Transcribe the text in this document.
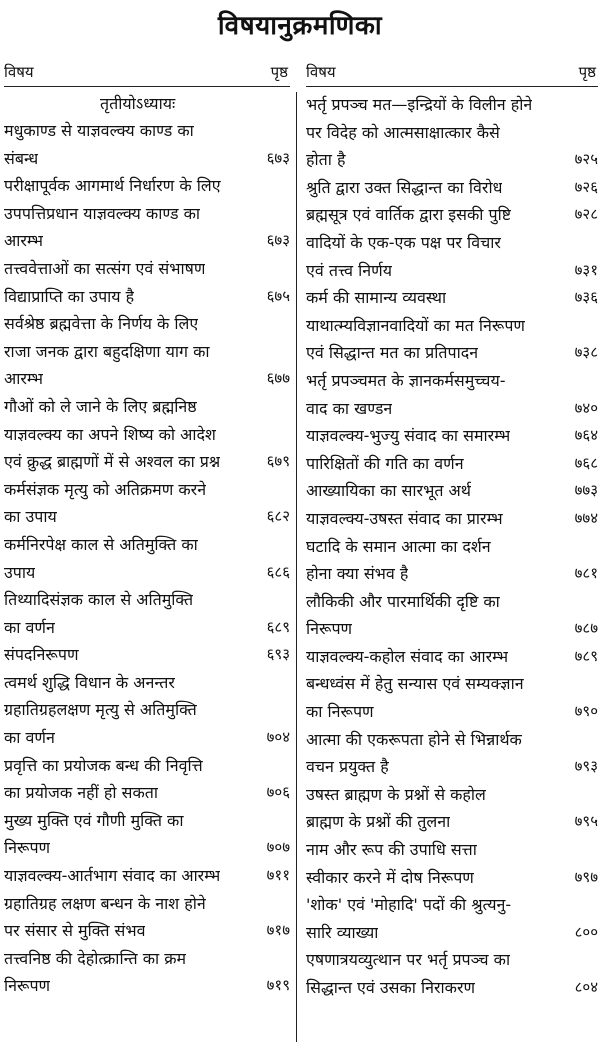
विषयानुक्रमणिका
विषय	पृष्ठ
तृतीयोऽध्यायः
मधुकाण्ड से याज्ञवल्क्य काण्ड का
संबन्ध	६७३
परीक्षापूर्वक आगमार्थ निर्धारण के लिए
उपपत्तिप्रधान याज्ञवल्क्य काण्ड का
आरम्भ	६७३
तत्त्ववेत्ताओं का सत्संग एवं संभाषण
विद्याप्राप्ति का उपाय है	६७५
सर्वश्रेष्ठ ब्रह्मवेत्ता के निर्णय के लिए
राजा जनक द्वारा बहुदक्षिणा याग का
आरम्भ	६७७
गौओं को ले जाने के लिए ब्रह्मनिष्ठ
याज्ञवल्क्य का अपने शिष्य को आदेश
एवं क्रुद्ध ब्राह्मणों में से अश्वल का प्रश्न	६७९
कर्मसंज्ञक मृत्यु को अतिक्रमण करने
का उपाय	६८२
कर्मनिरपेक्ष काल से अतिमुक्ति का
उपाय	६८६
तिथ्यादिसंज्ञक काल से अतिमुक्ति
का वर्णन	६८९
संपदनिरूपण	६९३
त्वमर्थ शुद्धि विधान के अनन्तर
ग्रहातिग्रहलक्षण मृत्यु से अतिमुक्ति
का वर्णन	७०४
प्रवृत्ति का प्रयोजक बन्ध की निवृत्ति
का प्रयोजक नहीं हो सकता	७०६
मुख्य मुक्ति एवं गौणी मुक्ति का
निरूपण	७०७
याज्ञवल्क्य-आर्तभाग संवाद का आरम्भ	७११
ग्रहातिग्रह लक्षण बन्धन के नाश होने
पर संसार से मुक्ति संभव	७१७
तत्त्वनिष्ठ की देहोत्क्रान्ति का क्रम
निरूपण	७१९
विषय	पृष्ठ
भर्तृ प्रपञ्च मत—इन्द्रियों के विलीन होने
पर विदेह को आत्मसाक्षात्कार कैसे
होता है	७२५
श्रुति द्वारा उक्त सिद्धान्त का विरोध	७२६
ब्रह्मसूत्र एवं वार्तिक द्वारा इसकी पुष्टि	७२८
वादियों के एक-एक पक्ष पर विचार
एवं तत्त्व निर्णय	७३१
कर्म की सामान्य व्यवस्था	७३६
याथात्म्यविज्ञानवादियों का मत निरूपण
एवं सिद्धान्त मत का प्रतिपादन	७३८
भर्तृ प्रपञ्चमत के ज्ञानकर्मसमुच्चय-
वाद का खण्डन	७४०
याज्ञवल्क्य-भुज्यु संवाद का समारम्भ	७६४
पारिक्षितों की गति का वर्णन	७६८
आख्यायिका का सारभूत अर्थ	७७३
याज्ञवल्क्य-उषस्त संवाद का प्रारम्भ	७७४
घटादि के समान आत्मा का दर्शन
होना क्या संभव है	७८१
लौकिकी और पारमार्थिकी दृष्टि का
निरूपण	७८७
याज्ञवल्क्य-कहोल संवाद का आरम्भ	७८९
बन्धध्वंस में हेतु सन्यास एवं सम्यक्ज्ञान
का निरूपण	७९०
आत्मा की एकरूपता होने से भिन्नार्थक
वचन प्रयुक्त है	७९३
उषस्त ब्राह्मण के प्रश्नों से कहोल
ब्राह्मण के प्रश्नों की तुलना	७९५
नाम और रूप की उपाधि सत्ता
स्वीकार करने में दोष निरूपण	७९७
'शोक' एवं 'मोहादि' पदों की श्रुत्यनु-
सारि व्याख्या	८००
एषणात्रयव्युत्थान पर भर्तृ प्रपञ्च का
सिद्धान्त एवं उसका निराकरण	८०४
